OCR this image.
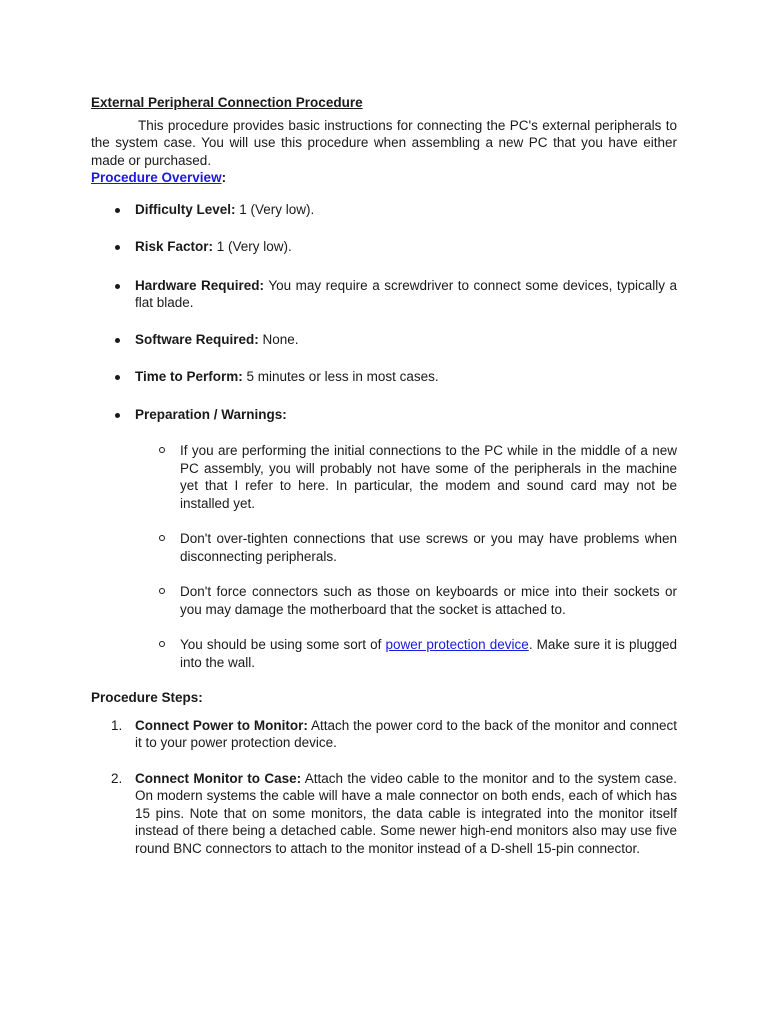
External Peripheral Connection Procedure

This procedure provides basic instructions for connecting the PC's external peripherals to the system case. You will use this procedure when assembling a new PC that you have either made or purchased.

Procedure Overview:

Difficulty Level: 1 (Very low).
Risk Factor: 1 (Very low).
Hardware Required: You may require a screwdriver to connect some devices, typically a flat blade.
Software Required: None.
Time to Perform: 5 minutes or less in most cases.
Preparation / Warnings:
If you are performing the initial connections to the PC while in the middle of a new PC assembly, you will probably not have some of the peripherals in the machine yet that I refer to here. In particular, the modem and sound card may not be installed yet.
Don't over-tighten connections that use screws or you may have problems when disconnecting peripherals.
Don't force connectors such as those on keyboards or mice into their sockets or you may damage the motherboard that the socket is attached to.
You should be using some sort of power protection device. Make sure it is plugged into the wall.

Procedure Steps:

1. Connect Power to Monitor: Attach the power cord to the back of the monitor and connect it to your power protection device.
2. Connect Monitor to Case: Attach the video cable to the monitor and to the system case. On modern systems the cable will have a male connector on both ends, each of which has 15 pins. Note that on some monitors, the data cable is integrated into the monitor itself instead of there being a detached cable. Some newer high-end monitors also may use five round BNC connectors to attach to the monitor instead of a D-shell 15-pin connector.
